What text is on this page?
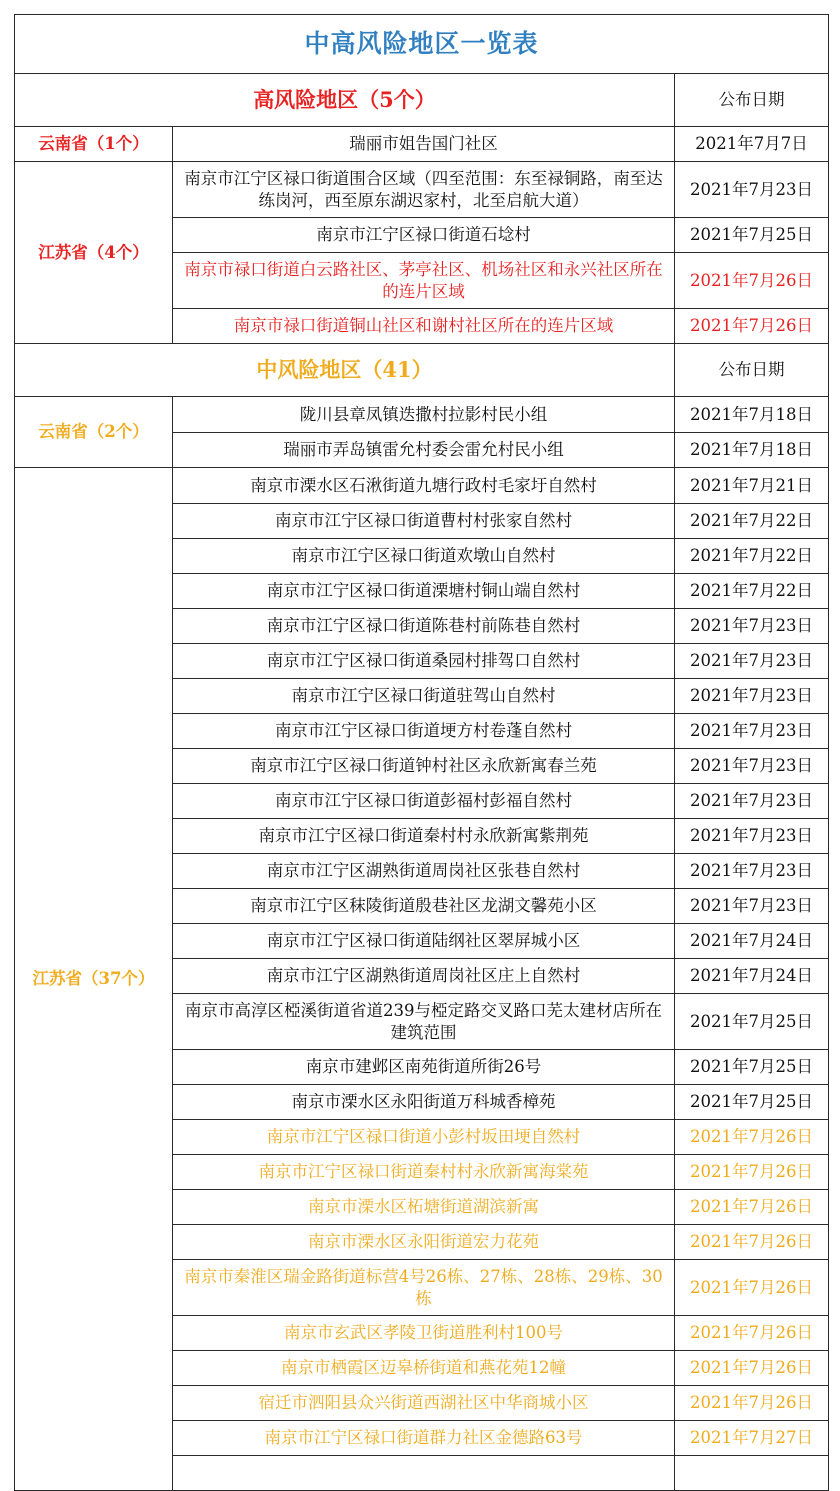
中高风险地区一览表		
高风险地区（5个）		公布日期
云南省（1个）	瑞丽市姐告国门社区	2021年7月7日
江苏省（4个）	南京市江宁区禄口街道围合区域（四至范围：东至禄铜路，南至达练岗河，西至原东湖迟家村，北至启航大道）	2021年7月23日
	南京市江宁区禄口街道石埝村	2021年7月25日
	南京市禄口街道白云路社区、茅亭社区、机场社区和永兴社区所在的连片区域	2021年7月26日
	南京市禄口街道铜山社区和谢村社区所在的连片区域	2021年7月26日
中风险地区（41）		公布日期
云南省（2个）	陇川县章凤镇迭撒村拉影村民小组	2021年7月18日
	瑞丽市弄岛镇雷允村委会雷允村民小组	2021年7月18日
江苏省（37个）	南京市溧水区石湫街道九塘行政村毛家圩自然村	2021年7月21日
	南京市江宁区禄口街道曹村村张家自然村	2021年7月22日
	南京市江宁区禄口街道欢墩山自然村	2021年7月22日
	南京市江宁区禄口街道溧塘村铜山端自然村	2021年7月22日
	南京市江宁区禄口街道陈巷村前陈巷自然村	2021年7月23日
	南京市江宁区禄口街道桑园村排驾口自然村	2021年7月23日
	南京市江宁区禄口街道驻驾山自然村	2021年7月23日
	南京市江宁区禄口街道埂方村卷蓬自然村	2021年7月23日
	南京市江宁区禄口街道钟村社区永欣新寓春兰苑	2021年7月23日
	南京市江宁区禄口街道彭福村彭福自然村	2021年7月23日
	南京市江宁区禄口街道秦村村永欣新寓紫荆苑	2021年7月23日
	南京市江宁区湖熟街道周岗社区张巷自然村	2021年7月23日
	南京市江宁区秣陵街道殷巷社区龙湖文馨苑小区	2021年7月23日
	南京市江宁区禄口街道陆纲社区翠屏城小区	2021年7月24日
	南京市江宁区湖熟街道周岗社区庄上自然村	2021年7月24日
	南京市高淳区椏溪街道省道239与椏定路交叉路口芜太建材店所在建筑范围	2021年7月25日
	南京市建邺区南苑街道所街26号	2021年7月25日
	南京市溧水区永阳街道万科城香樟苑	2021年7月25日
	南京市江宁区禄口街道小彭村坂田埂自然村	2021年7月26日
	南京市江宁区禄口街道秦村村永欣新寓海棠苑	2021年7月26日
	南京市溧水区柘塘街道湖滨新寓	2021年7月26日
	南京市溧水区永阳街道宏力花苑	2021年7月26日
	南京市秦淮区瑞金路街道标营4号26栋、27栋、28栋、29栋、30栋	2021年7月26日
	南京市玄武区孝陵卫街道胜利村100号	2021年7月26日
	南京市栖霞区迈皋桥街道和燕花苑12幢	2021年7月26日
	宿迁市泗阳县众兴街道西湖社区中华商城小区	2021年7月26日
	南京市江宁区禄口街道群力社区金德路63号	2021年7月27日
